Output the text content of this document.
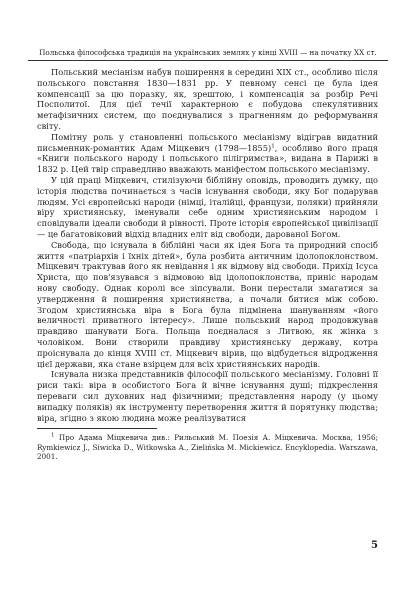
Польська філософська традиція на українських землях у кінці XVIII — на початку XX ст.

Польський месіанізм набув поширення в середині XIX ст., особливо після польського повстання 1830—1831 рр. У певному сенсі це була ідея компенсації за цю поразку, як, зрештою, і компенсація за розбір Речі Посполитої. Для цієї течії характерною є побудова спекулятивних метафізичних систем, що поєднувалися з прагненням до реформування світу.

Помітну роль у становленні польського месіанізму відіграв видатний письменник-романтик Адам Міцкевич (1798—1855)$^1$, особливо його праця «Книги польського народу і польського пілігримства», видана в Парижі в 1832 р. Цей твір справедливо вважають маніфестом польського месіанізму.

У цій праці Міцкевич, стилізуючи біблійну оповідь, проводить думку, що історія людства починається з часів існування свободи, яку Бог подарував людям. Усі європейські народи (німці, італійці, французи, поляки) прийняли віру християнську, іменували себе одним християнським народом і сповідували ідеали свободи й рівності. Проте історія європейської цивілізації — це багатовіковий відхід владних еліт від свободи, дарованої Богом.

Свобода, що існувала в біблійні часи як ідея Бога та природний спосіб життя «патріархів і їхніх дітей», була розбита античним ідолопоклонством. Міцкевич трактував його як невідання і як відмову від свободи. Прихід Ісуса Христа, що пов'язувався з відмовою від ідолопоклонства, приніс народам нову свободу. Однак королі все зіпсували. Вони перестали змагатися за утвердження й поширення християнства, а почали битися між собою. Згодом християнська віра в Бога була підмінена шануванням «його величності приватного інтересу». Лише польський народ продовжував правдиво шанувати Бога. Польща поєдналася з Литвою, як жінка з чоловіком. Вони створили правдиву християнську державу, котра проіснувала до кінця XVIII ст. Міцкевич вірив, що відбудеться відродження цієї держави, яка стане взірцем для всіх християнських народів.

Існувала низка представників філософії польського месіанізму. Головні її риси такі: віра в особистого Бога й вічне існування душі; підкреслення переваги сил духовних над фізичними; представлення народу (у цьому випадку поляків) як інструменту перетворення життя й порятунку людства; віра, згідно з якою людина може реалізуватися

$^1$ Про Адама Міцкевича див.: Рильський М. Поезія А. Міцкевича. Москва, 1956; Rymkiewicz J., Siwicka D., Witkowska A., Zielińska M. Mickiewicz. Encyklopedia. Warszawa, 2001.

5
